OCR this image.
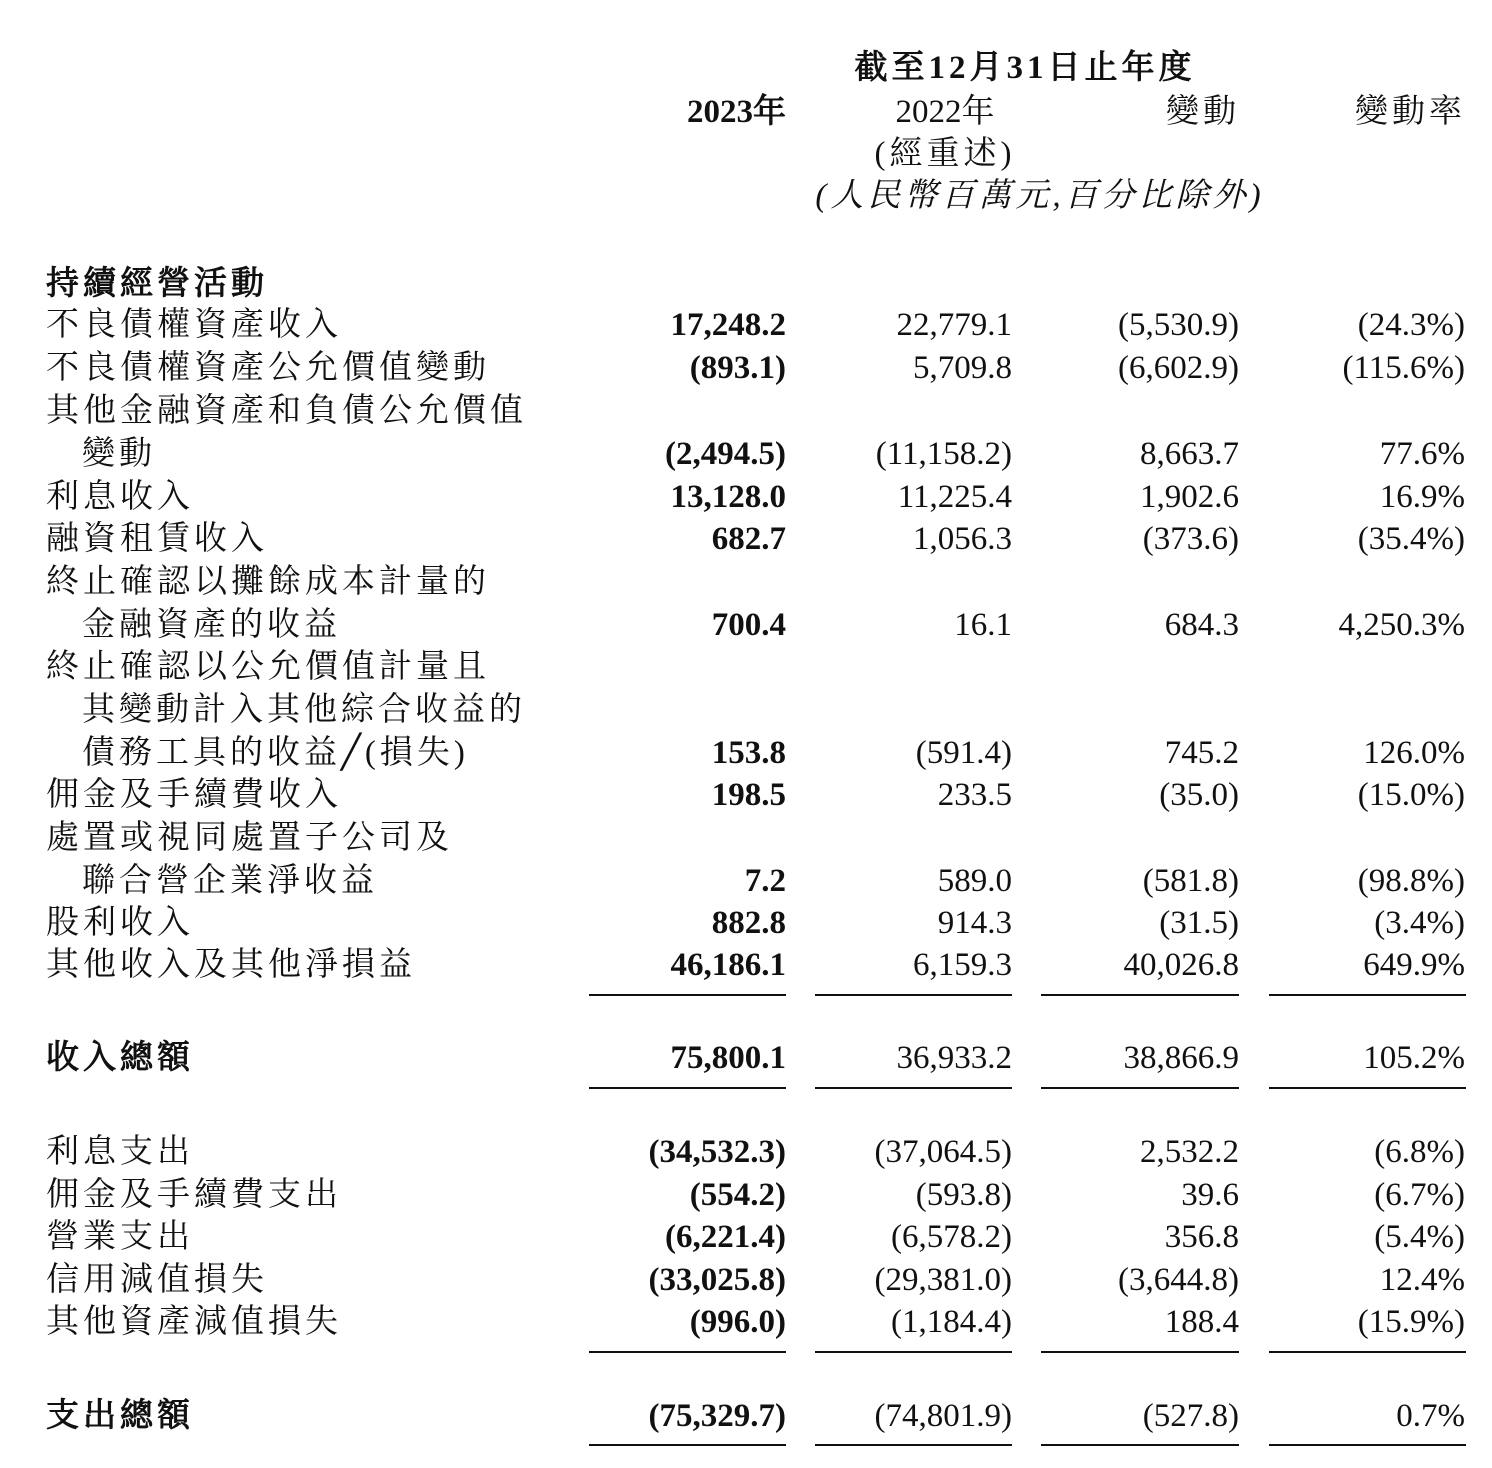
截至12月31日止年度
2023年	2022年	變動	變動率
(經重述)
(人民幣百萬元,百分比除外)
持續經營活動
不良債權資產收入	17,248.2	22,779.1	(5,530.9)	(24.3%)
不良債權資產公允價值變動	(893.1)	5,709.8	(6,602.9)	(115.6%)
其他金融資產和負債公允價值
變動	(2,494.5)	(11,158.2)	8,663.7	77.6%
利息收入	13,128.0	11,225.4	1,902.6	16.9%
融資租賃收入	682.7	1,056.3	(373.6)	(35.4%)
終止確認以攤餘成本計量的
金融資產的收益	700.4	16.1	684.3	4,250.3%
終止確認以公允價值計量且
其變動計入其他綜合收益的
債務工具的收益╱(損失)	153.8	(591.4)	745.2	126.0%
佣金及手續費收入	198.5	233.5	(35.0)	(15.0%)
處置或視同處置子公司及
聯合營企業淨收益	7.2	589.0	(581.8)	(98.8%)
股利收入	882.8	914.3	(31.5)	(3.4%)
其他收入及其他淨損益	46,186.1	6,159.3	40,026.8	649.9%
收入總額	75,800.1	36,933.2	38,866.9	105.2%
利息支出	(34,532.3)	(37,064.5)	2,532.2	(6.8%)
佣金及手續費支出	(554.2)	(593.8)	39.6	(6.7%)
營業支出	(6,221.4)	(6,578.2)	356.8	(5.4%)
信用減值損失	(33,025.8)	(29,381.0)	(3,644.8)	12.4%
其他資產減值損失	(996.0)	(1,184.4)	188.4	(15.9%)
支出總額	(75,329.7)	(74,801.9)	(527.8)	0.7%
